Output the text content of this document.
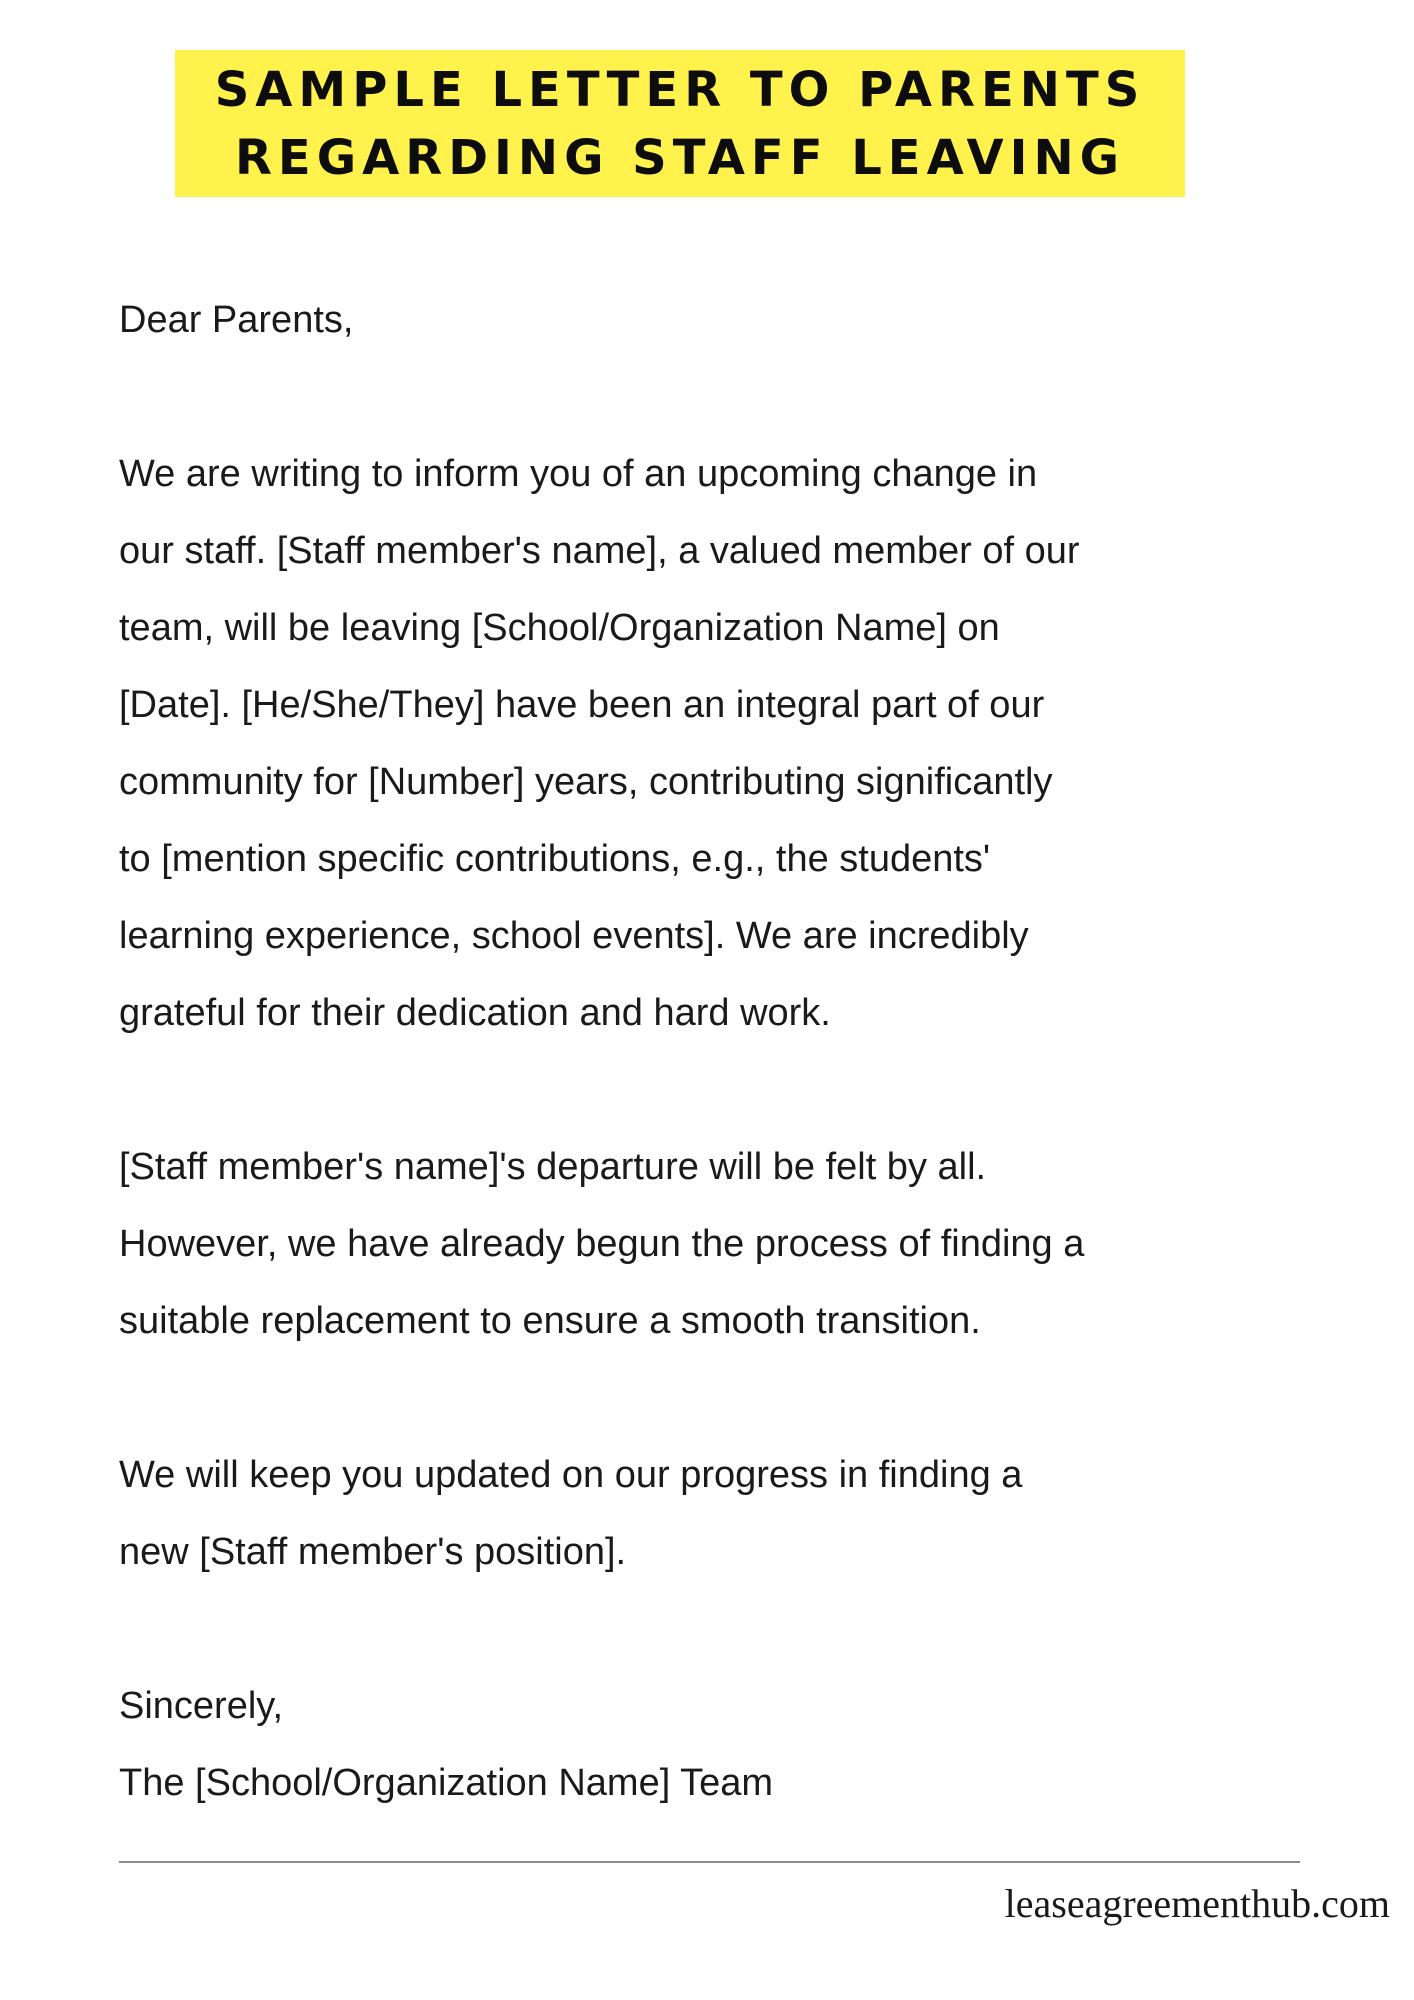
SAMPLE LETTER TO PARENTS
REGARDING STAFF LEAVING
Dear Parents,
We are writing to inform you of an upcoming change in
our staff. [Staff member's name], a valued member of our
team, will be leaving [School/Organization Name] on
[Date]. [He/She/They] have been an integral part of our
community for [Number] years, contributing significantly
to [mention specific contributions, e.g., the students'
learning experience, school events]. We are incredibly
grateful for their dedication and hard work.
[Staff member's name]'s departure will be felt by all.
However, we have already begun the process of finding a
suitable replacement to ensure a smooth transition.
We will keep you updated on our progress in finding a
new [Staff member's position].
Sincerely,
The [School/Organization Name] Team
leaseagreementhub.com
